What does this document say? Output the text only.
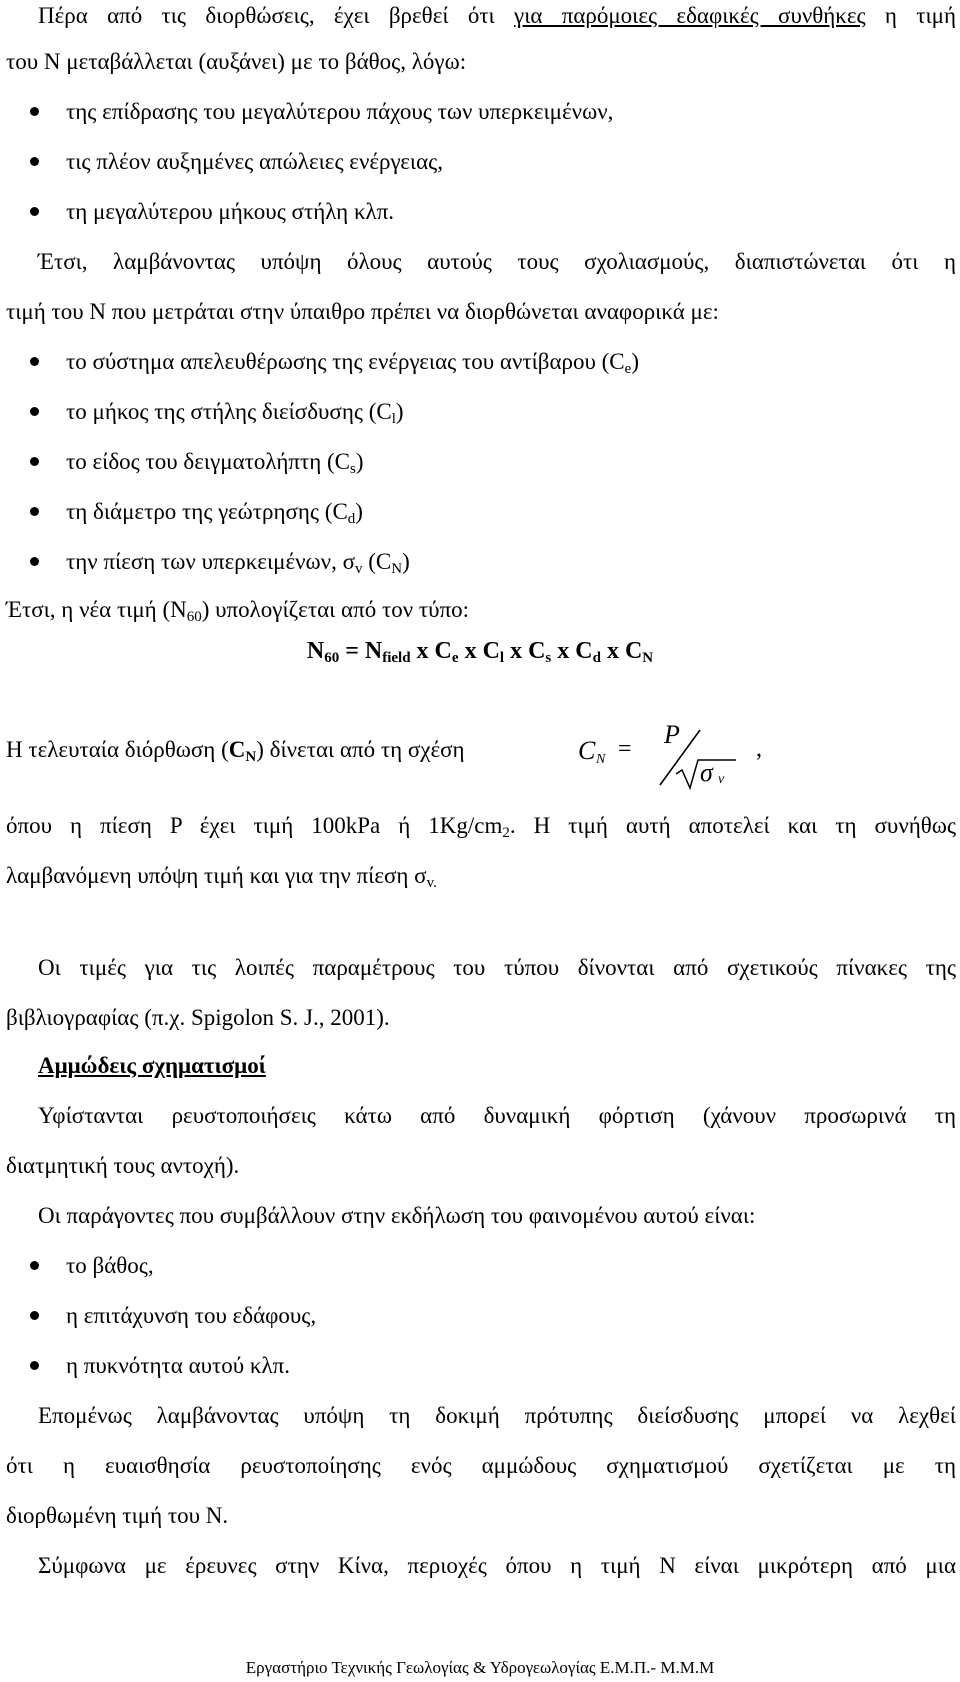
Πέρα από τις διορθώσεις, έχει βρεθεί ότι για παρόμοιες εδαφικές συνθήκες η τιμή
του N μεταβάλλεται (αυξάνει) με το βάθος, λόγω:
της επίδρασης του μεγαλύτερου πάχους των υπερκειμένων,
τις πλέον αυξημένες απώλειες ενέργειας,
τη μεγαλύτερου μήκους στήλη κλπ.
Έτσι, λαμβάνοντας υπόψη όλους αυτούς τους σχολιασμούς, διαπιστώνεται ότι η
τιμή του N που μετράται στην ύπαιθρο πρέπει να διορθώνεται αναφορικά με:
το σύστημα απελευθέρωσης της ενέργειας του αντίβαρου $(C_e)$
το μήκος της στήλης διείσδυσης $(C_l)$
το είδος του δειγματολήπτη $(C_s)$
τη διάμετρο της γεώτρησης $(C_d)$
την πίεση των υπερκειμένων, $\sigma_v$ $(C_N)$
Έτσι, η νέα τιμή $(N_{60})$ υπολογίζεται από τον τύπο:
$N_{60} = N_{field}$ x $C_e$ x $C_l$ x $C_s$ x $C_d$ x $C_N$
Η τελευταία διόρθωση $(C_N)$ δίνεται από τη σχέση	C N = P
σ v
,
όπου η πίεση P έχει τιμή 100kPa ή $1Kg/cm_2$. Η τιμή αυτή αποτελεί και τη συνήθως
λαμβανόμενη υπόψη τιμή και για την πίεση $\sigma_{v.}$
Οι τιμές για τις λοιπές παραμέτρους του τύπου δίνονται από σχετικούς πίνακες της
βιβλιογραφίας (π.χ. Spigolon S. J., 2001).
Αμμώδεις σχηματισμοί
Υφίστανται ρευστοποιήσεις κάτω από δυναμική φόρτιση (χάνουν προσωρινά τη
διατμητική τους αντοχή).
Οι παράγοντες που συμβάλλουν στην εκδήλωση του φαινομένου αυτού είναι:
το βάθος,
η επιτάχυνση του εδάφους,
η πυκνότητα αυτού κλπ.
Επομένως λαμβάνοντας υπόψη τη δοκιμή πρότυπης διείσδυσης μπορεί να λεχθεί
ότι η ευαισθησία ρευστοποίησης ενός αμμώδους σχηματισμού σχετίζεται με τη
διορθωμένη τιμή του N.
Σύμφωνα με έρευνες στην Κίνα, περιοχές όπου η τιμή N είναι μικρότερη από μια
Εργαστήριο Τεχνικής Γεωλογίας & Υδρογεωλογίας Ε.Μ.Π.- Μ.Μ.Μ
